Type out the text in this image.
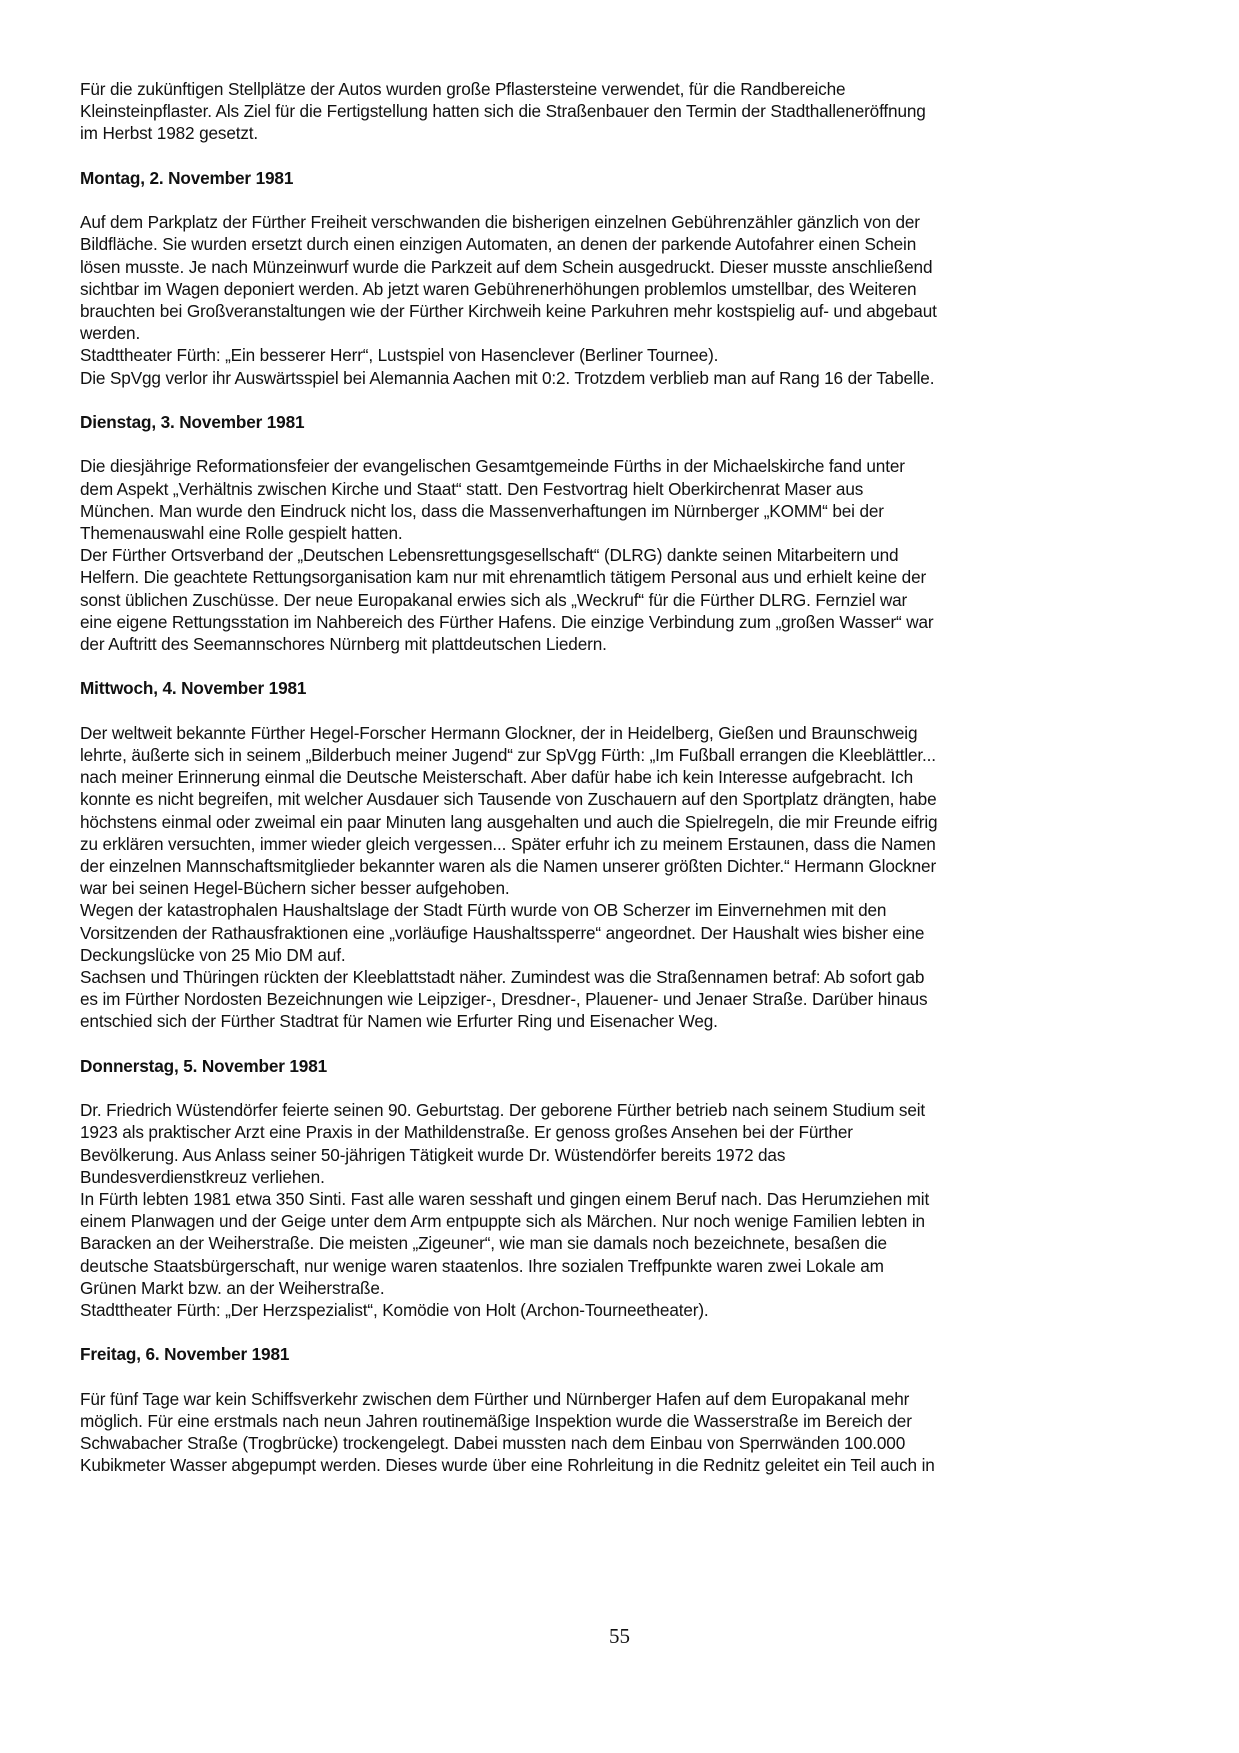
Für die zukünftigen Stellplätze der Autos wurden große Pflastersteine verwendet, für die Randbereiche
Kleinsteinpflaster. Als Ziel für die Fertigstellung hatten sich die Straßenbauer den Termin der Stadthalleneröffnung
im Herbst 1982 gesetzt.
Montag, 2. November 1981
Auf dem Parkplatz der Fürther Freiheit verschwanden die bisherigen einzelnen Gebührenzähler gänzlich von der
Bildfläche. Sie wurden ersetzt durch einen einzigen Automaten, an denen der parkende Autofahrer einen Schein
lösen musste. Je nach Münzeinwurf wurde die Parkzeit auf dem Schein ausgedruckt. Dieser musste anschließend
sichtbar im Wagen deponiert werden. Ab jetzt waren Gebührenerhöhungen problemlos umstellbar, des Weiteren
brauchten bei Großveranstaltungen wie der Fürther Kirchweih keine Parkuhren mehr kostspielig auf- und abgebaut
werden.
Stadttheater Fürth: „Ein besserer Herr“, Lustspiel von Hasenclever (Berliner Tournee).
Die SpVgg verlor ihr Auswärtsspiel bei Alemannia Aachen mit 0:2. Trotzdem verblieb man auf Rang 16 der Tabelle.
Dienstag, 3. November 1981
Die diesjährige Reformationsfeier der evangelischen Gesamtgemeinde Fürths in der Michaelskirche fand unter
dem Aspekt „Verhältnis zwischen Kirche und Staat“ statt. Den Festvortrag hielt Oberkirchenrat Maser aus
München. Man wurde den Eindruck nicht los, dass die Massenverhaftungen im Nürnberger „KOMM“ bei der
Themenauswahl eine Rolle gespielt hatten.
Der Fürther Ortsverband der „Deutschen Lebensrettungsgesellschaft“ (DLRG) dankte seinen Mitarbeitern und
Helfern. Die geachtete Rettungsorganisation kam nur mit ehrenamtlich tätigem Personal aus und erhielt keine der
sonst üblichen Zuschüsse. Der neue Europakanal erwies sich als „Weckruf“ für die Fürther DLRG. Fernziel war
eine eigene Rettungsstation im Nahbereich des Fürther Hafens. Die einzige Verbindung zum „großen Wasser“ war
der Auftritt des Seemannschores Nürnberg mit plattdeutschen Liedern.
Mittwoch, 4. November 1981
Der weltweit bekannte Fürther Hegel-Forscher Hermann Glockner, der in Heidelberg, Gießen und Braunschweig
lehrte, äußerte sich in seinem „Bilderbuch meiner Jugend“ zur SpVgg Fürth: „Im Fußball errangen die Kleeblättler...
nach meiner Erinnerung einmal die Deutsche Meisterschaft. Aber dafür habe ich kein Interesse aufgebracht. Ich
konnte es nicht begreifen, mit welcher Ausdauer sich Tausende von Zuschauern auf den Sportplatz drängten, habe
höchstens einmal oder zweimal ein paar Minuten lang ausgehalten und auch die Spielregeln, die mir Freunde eifrig
zu erklären versuchten, immer wieder gleich vergessen... Später erfuhr ich zu meinem Erstaunen, dass die Namen
der einzelnen Mannschaftsmitglieder bekannter waren als die Namen unserer größten Dichter.“ Hermann Glockner
war bei seinen Hegel-Büchern sicher besser aufgehoben.
Wegen der katastrophalen Haushaltslage der Stadt Fürth wurde von OB Scherzer im Einvernehmen mit den
Vorsitzenden der Rathausfraktionen eine „vorläufige Haushaltssperre“ angeordnet. Der Haushalt wies bisher eine
Deckungslücke von 25 Mio DM auf.
Sachsen und Thüringen rückten der Kleeblattstadt näher. Zumindest was die Straßennamen betraf: Ab sofort gab
es im Fürther Nordosten Bezeichnungen wie Leipziger-, Dresdner-, Plauener- und Jenaer Straße. Darüber hinaus
entschied sich der Fürther Stadtrat für Namen wie Erfurter Ring und Eisenacher Weg.
Donnerstag, 5. November 1981
Dr. Friedrich Wüstendörfer feierte seinen 90. Geburtstag. Der geborene Fürther betrieb nach seinem Studium seit
1923 als praktischer Arzt eine Praxis in der Mathildenstraße. Er genoss großes Ansehen bei der Fürther
Bevölkerung. Aus Anlass seiner 50-jährigen Tätigkeit wurde Dr. Wüstendörfer bereits 1972 das
Bundesverdienstkreuz verliehen.
In Fürth lebten 1981 etwa 350 Sinti. Fast alle waren sesshaft und gingen einem Beruf nach. Das Herumziehen mit
einem Planwagen und der Geige unter dem Arm entpuppte sich als Märchen. Nur noch wenige Familien lebten in
Baracken an der Weiherstraße. Die meisten „Zigeuner“, wie man sie damals noch bezeichnete, besaßen die
deutsche Staatsbürgerschaft, nur wenige waren staatenlos. Ihre sozialen Treffpunkte waren zwei Lokale am
Grünen Markt bzw. an der Weiherstraße.
Stadttheater Fürth: „Der Herzspezialist“, Komödie von Holt (Archon-Tourneetheater).
Freitag, 6. November 1981
Für fünf Tage war kein Schiffsverkehr zwischen dem Fürther und Nürnberger Hafen auf dem Europakanal mehr
möglich. Für eine erstmals nach neun Jahren routinemäßige Inspektion wurde die Wasserstraße im Bereich der
Schwabacher Straße (Trogbrücke) trockengelegt. Dabei mussten nach dem Einbau von Sperrwänden 100.000
Kubikmeter Wasser abgepumpt werden. Dieses wurde über eine Rohrleitung in die Rednitz geleitet ein Teil auch in
55
